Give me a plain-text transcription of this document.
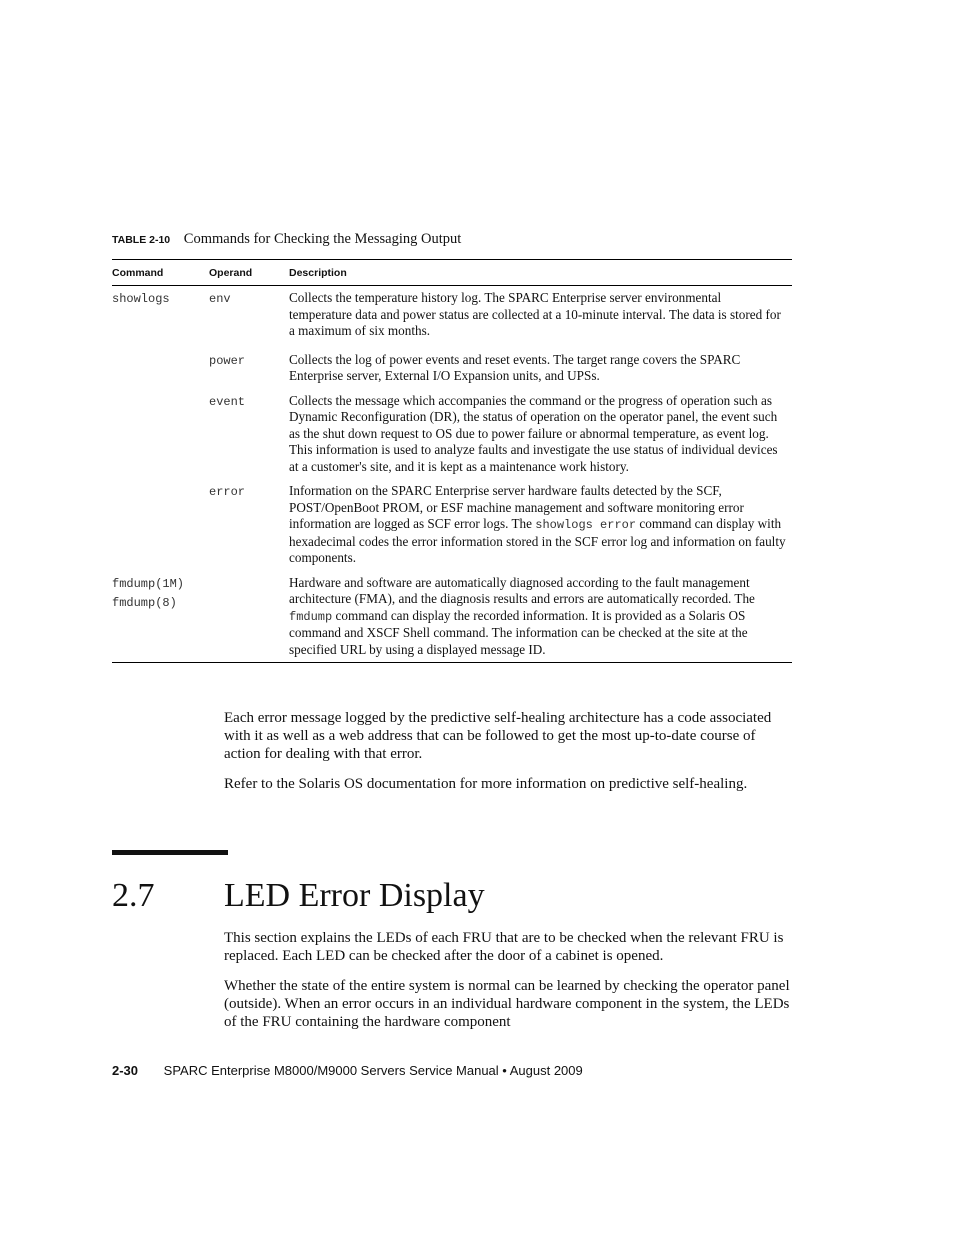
TABLE 2-10 Commands for Checking the Messaging Output
Command	Operand	Description

showlogs	env	Collects the temperature history log. The SPARC Enterprise server environmental temperature data and power status are collected at a 10-minute interval. The data is stored for a maximum of six months.
	power	Collects the log of power events and reset events. The target range covers the SPARC Enterprise server, External I/O Expansion units, and UPSs.
	event	Collects the message which accompanies the command or the progress of operation such as Dynamic Reconfiguration (DR), the status of operation on the operator panel, the event such as the shut down request to OS due to power failure or abnormal temperature, as event log. This information is used to analyze faults and investigate the use status of individual devices at a customer's site, and it is kept as a maintenance work history.
	error	Information on the SPARC Enterprise server hardware faults detected by the SCF, POST/OpenBoot PROM, or ESF machine management and software monitoring error information are logged as SCF error logs. The showlogs error command can display with hexadecimal codes the error information stored in the SCF error log and information on faulty components.

fmdump(1M)
fmdump(8)		Hardware and software are automatically diagnosed according to the fault management architecture (FMA), and the diagnosis results and errors are automatically recorded. The fmdump command can display the recorded information. It is provided as a Solaris OS command and XSCF Shell command. The information can be checked at the site at the specified URL by using a displayed message ID.

Each error message logged by the predictive self-healing architecture has a code associated with it as well as a web address that can be followed to get the most up-to-date course of action for dealing with that error.

Refer to the Solaris OS documentation for more information on predictive self-healing.

2.7 LED Error Display

This section explains the LEDs of each FRU that are to be checked when the relevant FRU is replaced. Each LED can be checked after the door of a cabinet is opened.

Whether the state of the entire system is normal can be learned by checking the operator panel (outside). When an error occurs in an individual hardware component in the system, the LEDs of the FRU containing the hardware component

2-30 SPARC Enterprise M8000/M9000 Servers Service Manual • August 2009
